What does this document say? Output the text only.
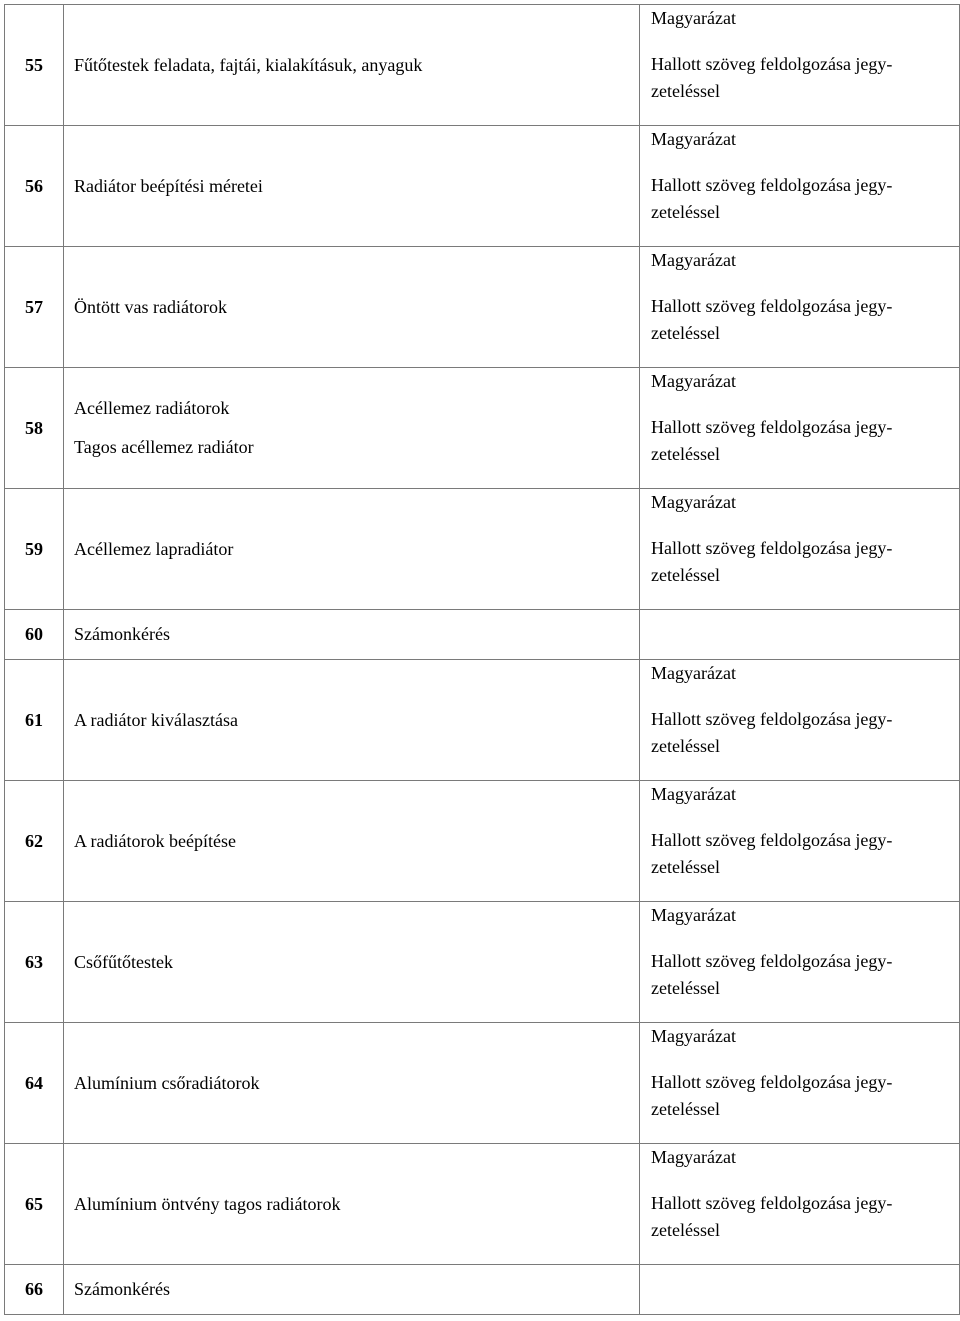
55	Fűtőtestek feladata, fajtái, kialakításuk, anyaguk	Magyarázat
Hallott szöveg feldolgozása jegy-
zeteléssel

56	Radiátor beépítési méretei	Magyarázat
Hallott szöveg feldolgozása jegy-
zeteléssel

57	Öntött vas radiátorok	Magyarázat
Hallott szöveg feldolgozása jegy-
zeteléssel

58	Acéllemez radiátorok
Tagos acéllemez radiátor	Magyarázat
Hallott szöveg feldolgozása jegy-
zeteléssel

59	Acéllemez lapradiátor	Magyarázat
Hallott szöveg feldolgozása jegy-
zeteléssel

60	Számonkérés	
61	A radiátor kiválasztása	Magyarázat
Hallott szöveg feldolgozása jegy-
zeteléssel

62	A radiátorok beépítése	Magyarázat
Hallott szöveg feldolgozása jegy-
zeteléssel

63	Csőfűtőtestek	Magyarázat
Hallott szöveg feldolgozása jegy-
zeteléssel

64	Alumínium csőradiátorok	Magyarázat
Hallott szöveg feldolgozása jegy-
zeteléssel

65	Alumínium öntvény tagos radiátorok	Magyarázat
Hallott szöveg feldolgozása jegy-
zeteléssel

66	Számonkérés	
